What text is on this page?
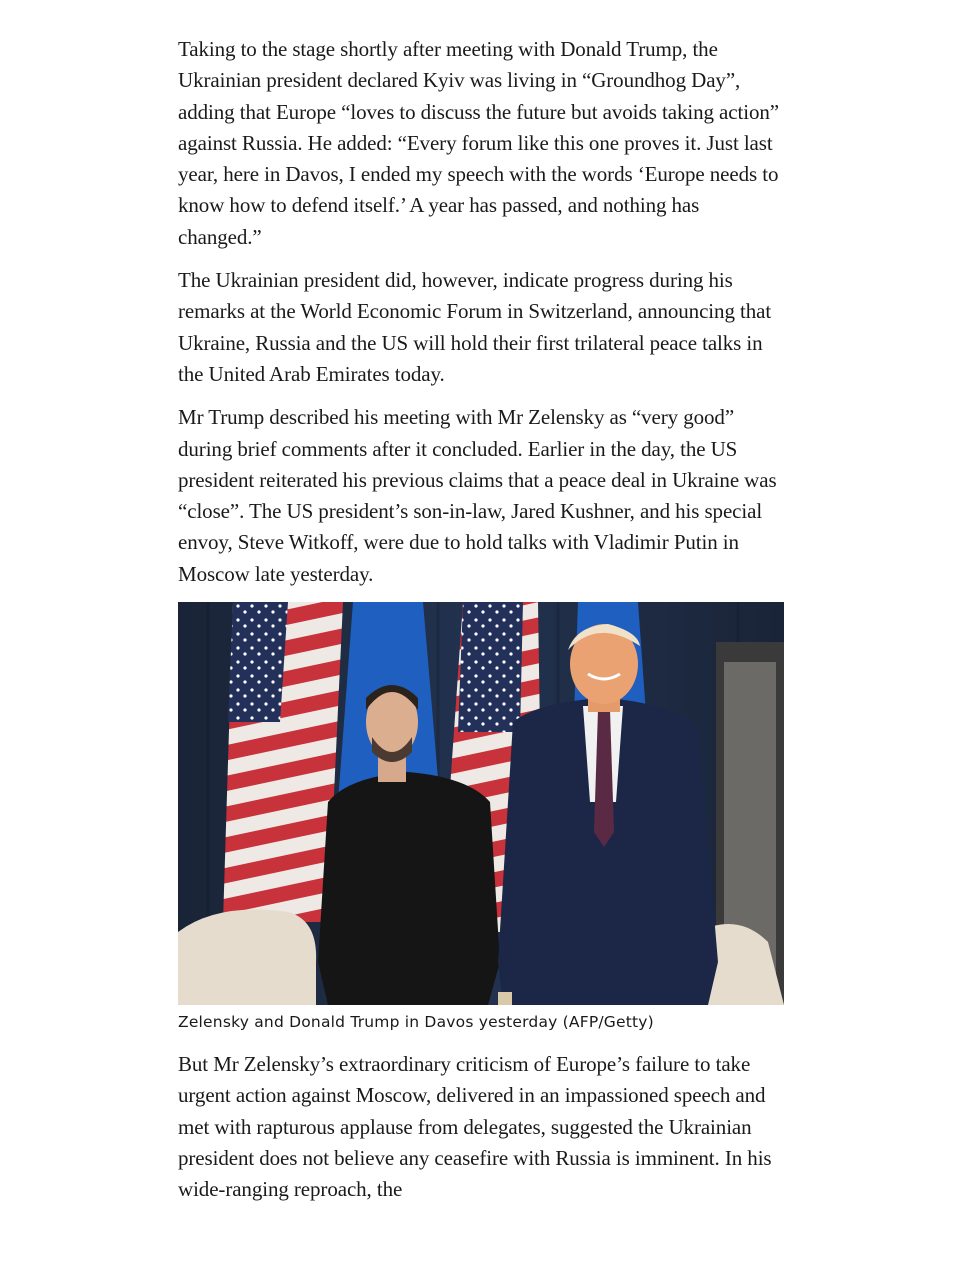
Taking to the stage shortly after meeting with Donald Trump, the Ukrainian president declared Kyiv was living in “Groundhog Day”, adding that Europe “loves to discuss the future but avoids taking action” against Russia. He added: “Every forum like this one proves it. Just last year, here in Davos, I ended my speech with the words ‘Europe needs to know how to defend itself.’ A year has passed, and nothing has changed.”

The Ukrainian president did, however, indicate progress during his remarks at the World Economic Forum in Switzerland, announcing that Ukraine, Russia and the US will hold their first trilateral peace talks in the United Arab Emirates today.

Mr Trump described his meeting with Mr Zelensky as “very good” during brief comments after it concluded. Earlier in the day, the US president reiterated his previous claims that a peace deal in Ukraine was “close”. The US president’s son-in-law, Jared Kushner, and his special envoy, Steve Witkoff, were due to hold talks with Vladimir Putin in Moscow late yesterday.

Zelensky and Donald Trump in Davos yesterday (AFP/Getty)

But Mr Zelensky’s extraordinary criticism of Europe’s failure to take urgent action against Moscow, delivered in an impassioned speech and met with rapturous applause from delegates, suggested the Ukrainian president does not believe any ceasefire with Russia is imminent. In his wide-ranging reproach, the
